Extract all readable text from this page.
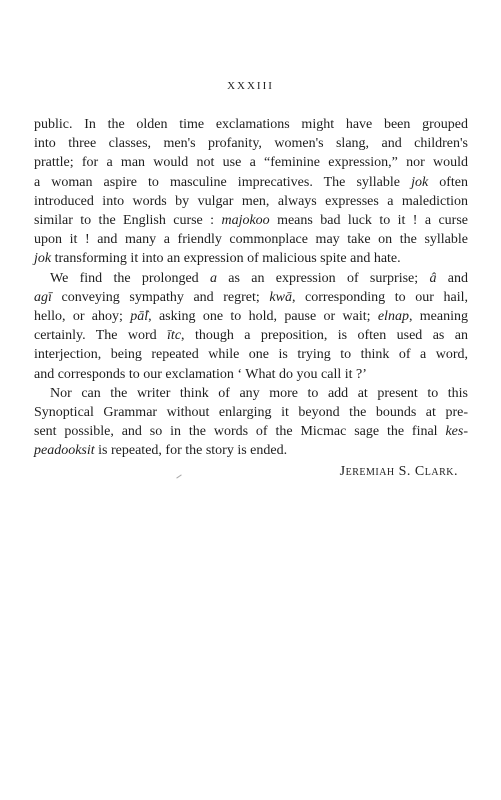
XXXIII
public. In the olden time exclamations might have been grouped
into three classes, men's profanity, women's slang, and children's
prattle; for a man would not use a “feminine expression,” nor would
a woman aspire to masculine imprecatives. The syllable jok often
introduced into words by vulgar men, always expresses a malediction
similar to the English curse : majokoo means bad luck to it ! a curse
upon it ! and many a friendly commonplace may take on the syllable
jok transforming it into an expression of malicious spite and hate.
We find the prolonged a as an expression of surprise; â and
agī conveying sympathy and regret; kwā, corresponding to our hail,
hello, or ahoy; pā̂l, asking one to hold, pause or wait; elnap, meaning
certainly. The word ītc, though a preposition, is often used as an
interjection, being repeated while one is trying to think of a word,
and corresponds to our exclamation ‘ What do you call it ?’
Nor can the writer think of any more to add at present to this
Synoptical Grammar without enlarging it beyond the bounds at pre-
sent possible, and so in the words of the Micmac sage the final kes-
peadooksit is repeated, for the story is ended.
Jeremiah S. Clark.
